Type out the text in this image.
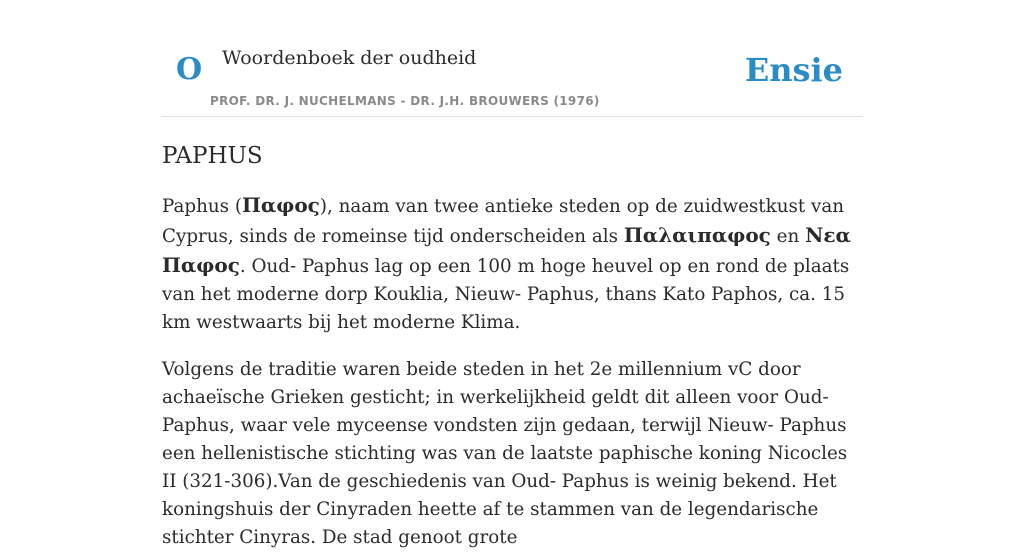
O Woordenboek der oudheid
PROF. DR. J. NUCHELMANS - DR. J.H. BROUWERS (1976)
Ensie
PAPHUS

Paphus (Παφος), naam van twee antieke steden op de zuidwestkust van Cyprus, sinds de romeinse tijd onderscheiden als Παλαιπαφος en Νεα Παφος. Oud- Paphus lag op een 100 m hoge heuvel op en rond de plaats van het moderne dorp Kouklia, Nieuw- Paphus, thans Kato Paphos, ca. 15 km westwaarts bij het moderne Klima.

Volgens de traditie waren beide steden in het 2e millennium vC door achaeïsche Grieken gesticht; in werkelijkheid geldt dit alleen voor Oud- Paphus, waar vele myceense vondsten zijn gedaan, terwijl Nieuw- Paphus een hellenistische stichting was van de laatste paphische koning Nicocles II (321-306).Van de geschiedenis van Oud- Paphus is weinig bekend. Het koningshuis der Cinyraden heette af te stammen van de legendarische stichter Cinyras. De stad genoot grote
